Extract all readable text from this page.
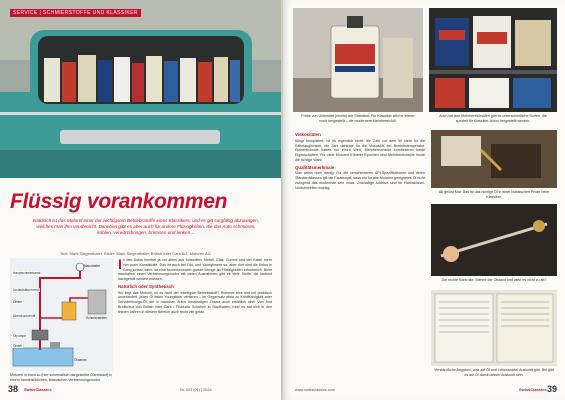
SERVICE | SCHMIERSTOFFE UND KLASSIKER
Flüssig vorankommen
Natürlich ist das Motoröl einer der wichtigsten Betriebsstoffe eines Klassikers, und es gilt sorgfältig abzuwägen, welches man ihm verabreicht. Daneben gibt es aber auch für andere Flüssigkeiten, die das Auto schmieren, kühlen, verwärtsbringen, bremsen und lenken…
Text: Mark Siegenthaler, Bilder: Mark Siegenthaler, British Inter Cars AG, Motorex AG
Manometer
Hauptschmierkanal
Umlaufsteuerventil
Ölfilter
Schmierstellen
Überdruckventil
Ölpumpe
Ölsieb
Ölwanne
Motoren in etwa so (hier schematisch dargestellte Ölkreislauf) in einem handelsüblichen, klassischen Verbrennungsmotor.
In den Autos bereitet ja vor allem aus fortstoffen: Metall, Glas, Gummi und viel Kabel mehr von purer Kunststoffe. Das ist auch bei Old- und Youngtimern so, aber dort sind die Autos in Gang setzen kann, ist eine bemerkenswert grosse Menge an Flüssigkeiten erforderlich. Beim namhaften einen Verbrennungsmotor mit vielen Ausnahmen gibt es viele Stoffe, die laufend nachgefüllt werden müssen.
Natürlich oder Synthetisch
Wo liegt das Motoröl, ist es nicht der wichtigste Betriebsstoff? Rummer eins und mit praktisch unverändert, jedes Öl fallen Youngtimer verlieren – im Gegensatz etwa zu Kühlflüssigkeit oder Servolenkungs-Öl, die in manchen Autos beständigen Zusatz auch erhältlich sind. Von Jost Breitkreuz von British Inter Cars / Products Schuhen in Stadthafen, rund es hat sich in den letzten Jahren in diesem Bereich auch recht viel getan.
38 SwissClassics	Nr. 103 (01) | 2024
Frühe von Unbestritt (rechts) der Standard. Für Klassiker wird er immer noch hergestellt – die modernere Mehrbereichöl.
Auch bei den Mehrbereichsölen gibt es unterschiedliche Sorten, die speziell für Klassiker-Autos hergestellt werden.
Viskositäten
Klingt kompliziert, ist es eigentlich nicht: die Zahl vor dem W steht für die Kältetauglichkeit, die Zahl dahinter für die Viskosität bei Betriebstemperatur. Einbereichsöle hatten nur einen Wert, Mehrbereichsöle kombinieren beide Eigenschaften. Für viele Motoren früherer Epochen sind Mehrbereichsöle heute die richtige Wahl.
Qualitätsmerkmale
Man weiss noch wenig: Für die verschiedenen API-Spezifikationen und deren Standardklassen gilt die Faustregel, dass ein für alte Motoren geeignetes Öl nicht zwingend das modernste sein muss. Zinkhaltige Additive sind für Flachstössel-Nockenwellen wichtig.
Ab gelöst Mal: Das ist das richtige Öl in einer klassischen Pruze beim Klassiker.
Die rechte Kontrolle: Stimmt der Ölstand und wirkt es nicht zu alt?
Verständliche Angaben, was auf Öl und Lebensmittel Auskunft gibt. Bei gibt es auf Öl damit besser Auskunft sein.
www.swissclassics.com	SwissClassics 39
